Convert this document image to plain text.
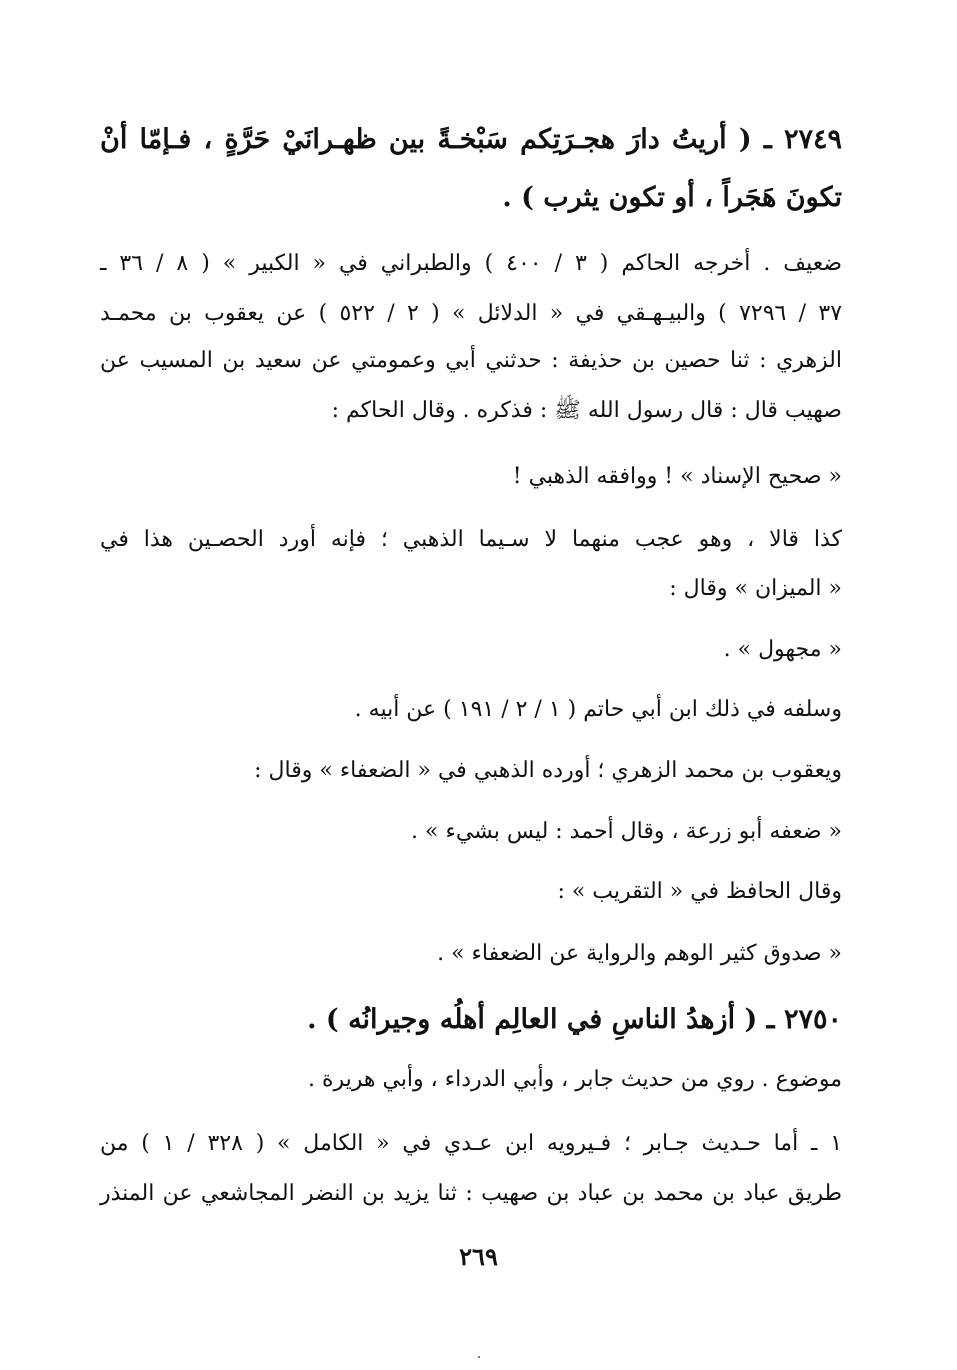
٢٧٤٩ ـ ( أريتُ دارَ هجـرَتِكم سَبْخـةً بين ظهـرانَيْ حَرَّةٍ ، فـإمّا أنْ
تكونَ هَجَراً ، أو تكون يثرب ) .
ضعيف . أخرجه الحاكم ( ٣ / ٤٠٠ ) والطبراني في « الكبير » ( ٨ / ٣٦ ـ
٣٧ / ٧٢٩٦ ) والبيـهـقي في « الدلائل » ( ٢ / ٥٢٢ ) عن يعقوب بن محمـد
الزهري : ثنا حصين بن حذيفة : حدثني أبي وعمومتي عن سعيد بن المسيب عن
صهيب قال : قال رسول الله ﷺ : فذكره . وقال الحاكم :
« صحيح الإسناد » ! ووافقه الذهبي !
كذا قالا ، وهو عجب منهما لا سـيما الذهبي ؛ فإنه أورد الحصـين هذا في
« الميزان » وقال :
« مجهول » .
وسلفه في ذلك ابن أبي حاتم ( ١ / ٢ / ١٩١ ) عن أبيه .
ويعقوب بن محمد الزهري ؛ أورده الذهبي في « الضعفاء » وقال :
« ضعفه أبو زرعة ، وقال أحمد : ليس بشيء » .
وقال الحافظ في « التقريب » :
« صدوق كثير الوهم والرواية عن الضعفاء » .
٢٧٥٠ ـ ( أزهدُ الناسِ في العالِم أهلُه وجيرانُه ) .
موضوع . روي من حديث جابر ، وأبي الدرداء ، وأبي هريرة .
١ ـ أما حـديث جـابر ؛ فـيرويه ابن عـدي في « الكامل » ( ٣٢٨ / ١ ) من
طريق عباد بن محمد بن عباد بن صهيب : ثنا يزيد بن النضر المجاشعي عن المنذر
٢٦٩
